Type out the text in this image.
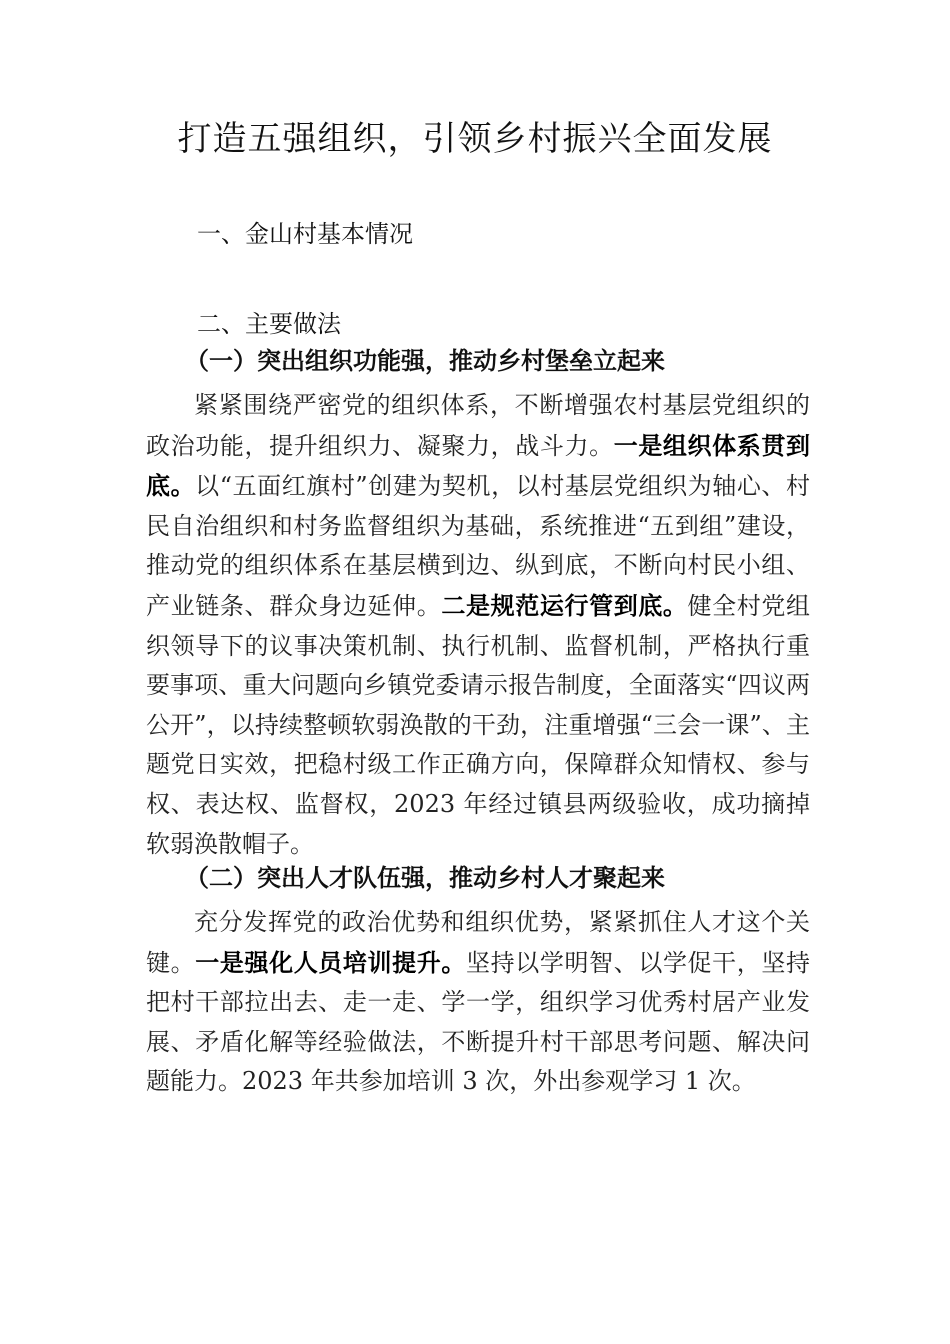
打造五强组织，引领乡村振兴全面发展
一、金山村基本情况
二、主要做法
（一）突出组织功能强，推动乡村堡垒立起来
紧紧围绕严密党的组织体系，不断增强农村基层党组织的政治功能，提升组织力、凝聚力，战斗力。一是组织体系贯到底。以“五面红旗村”创建为契机，以村基层党组织为轴心、村民自治组织和村务监督组织为基础，系统推进“五到组”建设，推动党的组织体系在基层横到边、纵到底，不断向村民小组、产业链条、群众身边延伸。二是规范运行管到底。健全村党组织领导下的议事决策机制、执行机制、监督机制，严格执行重要事项、重大问题向乡镇党委请示报告制度，全面落实“四议两公开”，以持续整顿软弱涣散的干劲，注重增强“三会一课”、主题党日实效，把稳村级工作正确方向，保障群众知情权、参与权、表达权、监督权，2023 年经过镇县两级验收，成功摘掉软弱涣散帽子。
（二）突出人才队伍强，推动乡村人才聚起来
充分发挥党的政治优势和组织优势，紧紧抓住人才这个关键。一是强化人员培训提升。坚持以学明智、以学促干，坚持把村干部拉出去、走一走、学一学，组织学习优秀村居产业发展、矛盾化解等经验做法，不断提升村干部思考问题、解决问题能力。2023 年共参加培训 3 次，外出参观学习 1 次。
